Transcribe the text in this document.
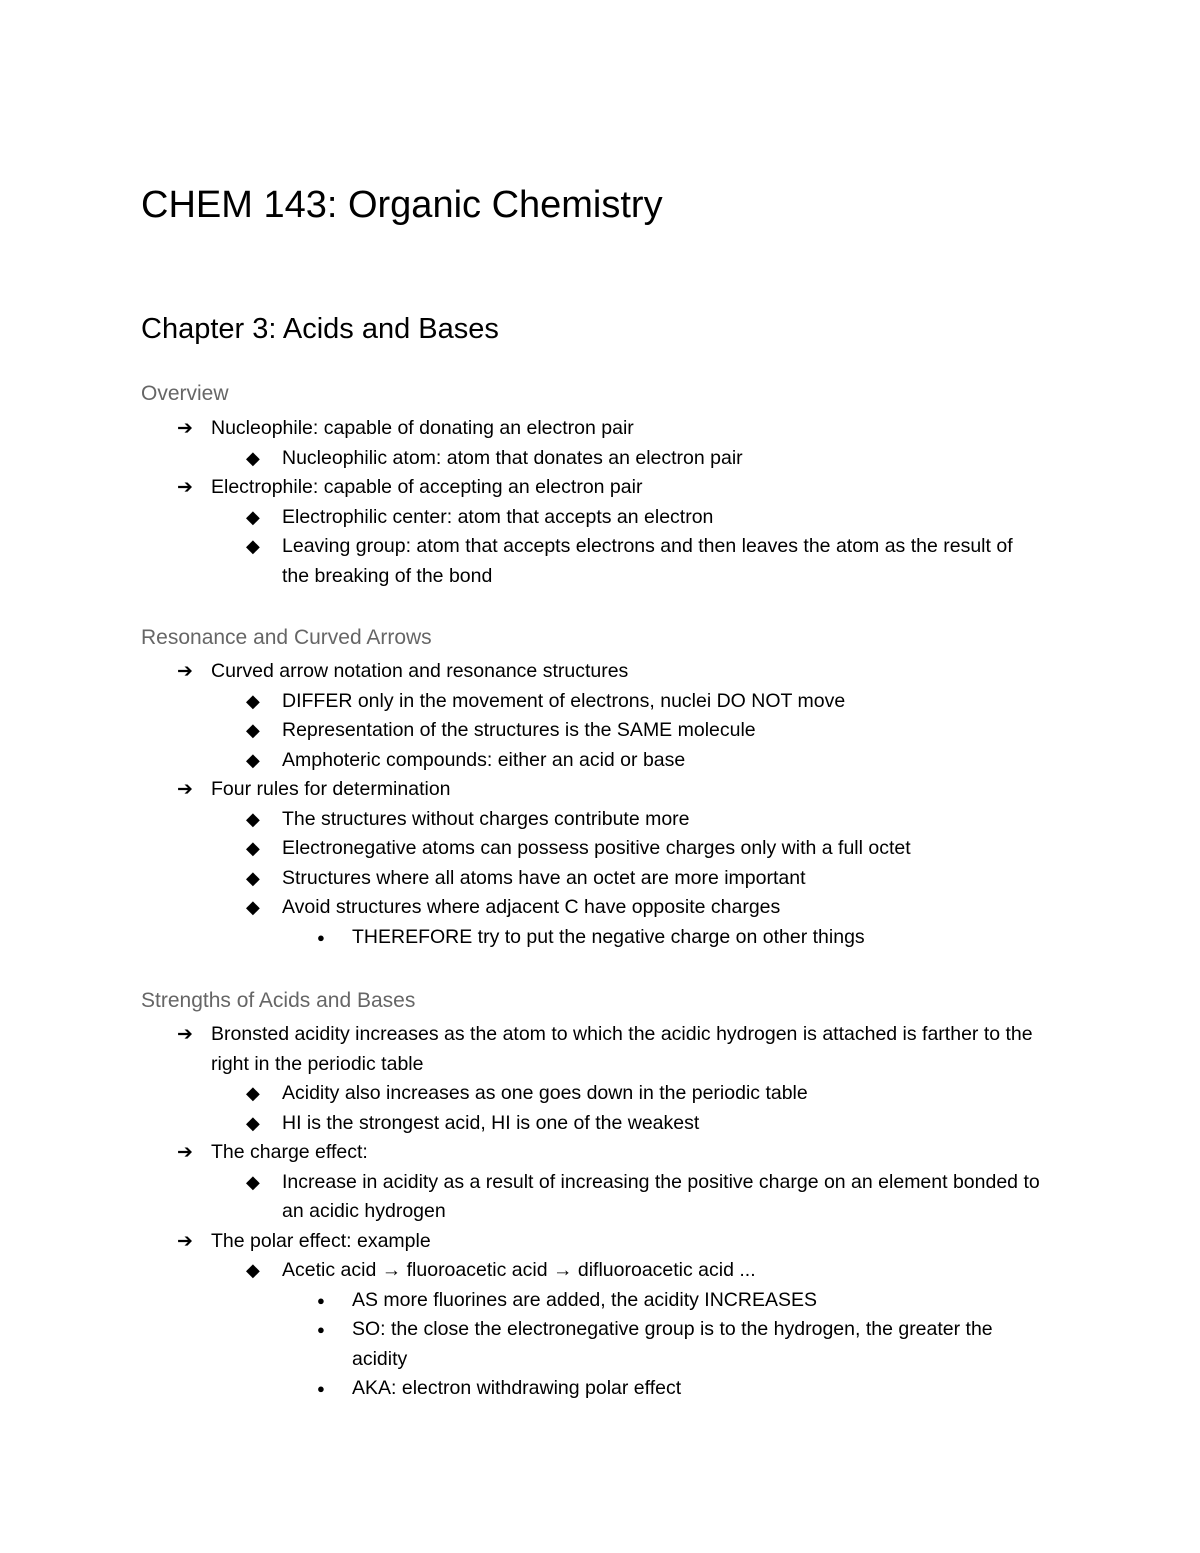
CHEM 143: Organic Chemistry
Chapter 3: Acids and Bases
Overview
➔ Nucleophile: capable of donating an electron pair
◆ Nucleophilic atom: atom that donates an electron pair
➔ Electrophile: capable of accepting an electron pair
◆ Electrophilic center: atom that accepts an electron
◆ Leaving group: atom that accepts electrons and then leaves the atom as the result of the breaking of the bond
Resonance and Curved Arrows
➔ Curved arrow notation and resonance structures
◆ DIFFER only in the movement of electrons, nuclei DO NOT move
◆ Representation of the structures is the SAME molecule
◆ Amphoteric compounds: either an acid or base
➔ Four rules for determination
◆ The structures without charges contribute more
◆ Electronegative atoms can possess positive charges only with a full octet
◆ Structures where all atoms have an octet are more important
◆ Avoid structures where adjacent C have opposite charges
● THEREFORE try to put the negative charge on other things
Strengths of Acids and Bases
➔ Bronsted acidity increases as the atom to which the acidic hydrogen is attached is farther to the right in the periodic table
◆ Acidity also increases as one goes down in the periodic table
◆ HI is the strongest acid, HI is one of the weakest
➔ The charge effect:
◆ Increase in acidity as a result of increasing the positive charge on an element bonded to an acidic hydrogen
➔ The polar effect: example
◆ Acetic acid → fluoroacetic acid → difluoroacetic acid ...
● AS more fluorines are added, the acidity INCREASES
● SO: the close the electronegative group is to the hydrogen, the greater the acidity
● AKA: electron withdrawing polar effect
